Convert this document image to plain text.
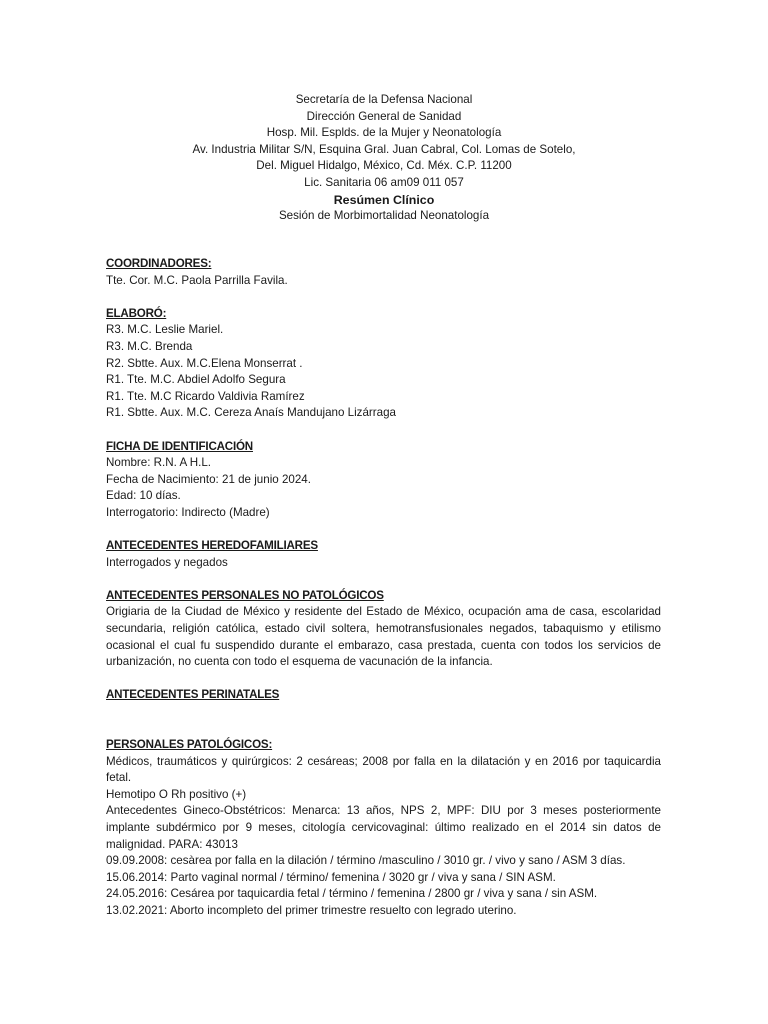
Secretaría de la Defensa Nacional
Dirección General de Sanidad
Hosp. Mil. Esplds. de la Mujer y Neonatología
Av. Industria Militar S/N, Esquina Gral. Juan Cabral, Col. Lomas de Sotelo,
Del. Miguel Hidalgo, México, Cd. Méx. C.P. 11200
Lic. Sanitaria 06 am09 011 057
Resúmen Clínico
Sesión de Morbimortalidad Neonatología
COORDINADORES:
Tte. Cor. M.C. Paola Parrilla Favila.
ELABORÓ:
R3. M.C. Leslie Mariel.
R3. M.C. Brenda
R2. Sbtte. Aux. M.C.Elena Monserrat .
R1. Tte. M.C. Abdiel Adolfo Segura
R1. Tte. M.C Ricardo Valdivia Ramírez
R1. Sbtte. Aux. M.C. Cereza Anaís Mandujano Lizárraga
FICHA DE IDENTIFICACIÓN
Nombre: R.N. A H.L.
Fecha de Nacimiento: 21 de junio 2024.
Edad: 10 días.
Interrogatorio: Indirecto (Madre)
ANTECEDENTES HEREDOFAMILIARES
Interrogados y negados
ANTECEDENTES PERSONALES NO PATOLÓGICOS
Origiaria de la Ciudad de México y residente del Estado de México, ocupación ama de casa, escolaridad secundaria, religión católica, estado civil soltera, hemotransfusionales negados, tabaquismo y etilismo ocasional el cual fu suspendido durante el embarazo, casa prestada, cuenta con todos los servicios de urbanización, no cuenta con todo el esquema de vacunación de la infancia.
ANTECEDENTES PERINATALES
PERSONALES PATOLÓGICOS:
Médicos, traumáticos y quirúrgicos: 2 cesáreas; 2008 por falla en la dilatación y en 2016 por taquicardia fetal.
Hemotipo O Rh positivo (+)
Antecedentes Gineco-Obstétricos: Menarca: 13 años, NPS 2, MPF: DIU por 3 meses posteriormente implante subdérmico por 9 meses, citología cervicovaginal: último realizado en el 2014 sin datos de malignidad. PARA: 43013
09.09.2008: cesàrea por falla en la dilación / término /masculino / 3010 gr. / vivo y sano / ASM 3 días.
15.06.2014: Parto vaginal normal / término/ femenina / 3020 gr / viva y sana / SIN ASM.
24.05.2016: Cesárea por taquicardia fetal / término / femenina / 2800 gr / viva y sana / sin ASM.
13.02.2021: Aborto incompleto del primer trimestre resuelto con legrado uterino.
